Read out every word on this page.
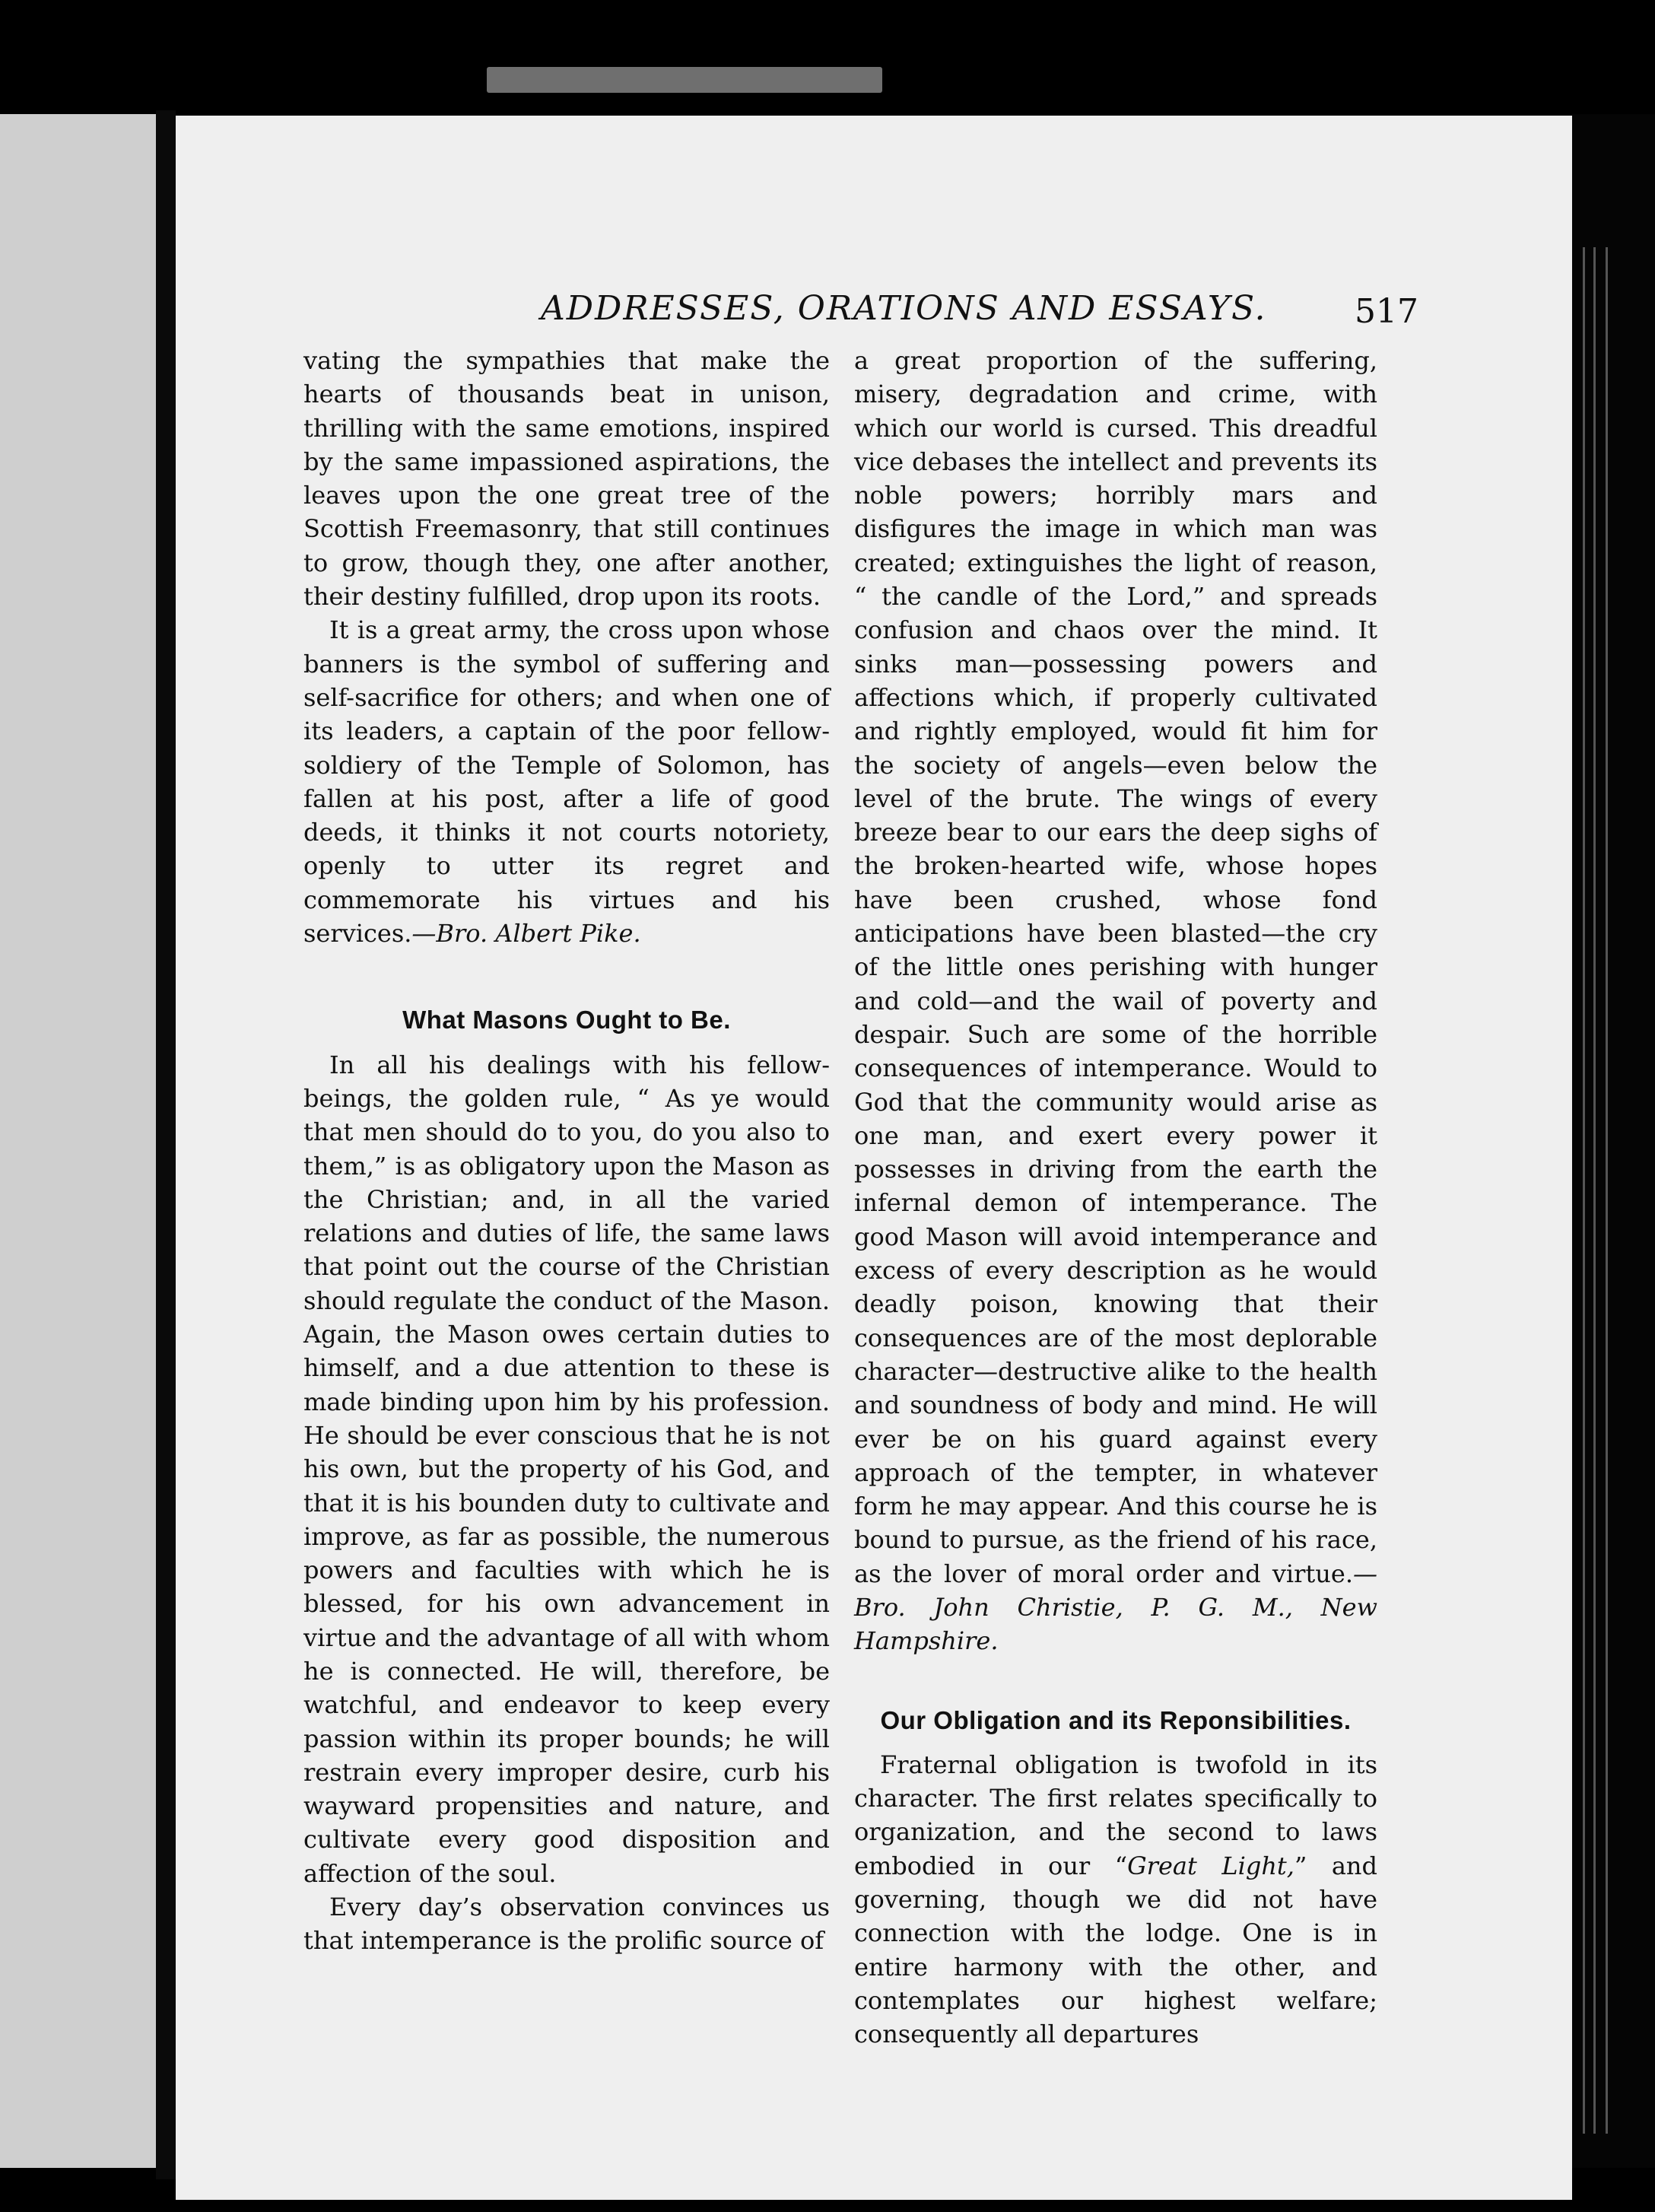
ADDRESSES, ORATIONS AND ESSAYS.	517

vating the sympathies that make the hearts of thousands beat in unison, thrilling with the same emotions, inspired by the same impassioned aspirations, the leaves upon the one great tree of the Scottish Freemasonry, that still continues to grow, though they, one after another, their destiny fulfilled, drop upon its roots.

It is a great army, the cross upon whose banners is the symbol of suffering and self-sacrifice for others; and when one of its leaders, a captain of the poor fellow-soldiery of the Temple of Solomon, has fallen at his post, after a life of good deeds, it thinks it not courts notoriety, openly to utter its regret and commemorate his virtues and his services.—Bro. Albert Pike.

What Masons Ought to Be.

In all his dealings with his fellow-beings, the golden rule, “ As ye would that men should do to you, do you also to them,” is as obligatory upon the Mason as the Christian; and, in all the varied relations and duties of life, the same laws that point out the course of the Christian should regulate the conduct of the Mason. Again, the Mason owes certain duties to himself, and a due attention to these is made binding upon him by his profession. He should be ever conscious that he is not his own, but the property of his God, and that it is his bounden duty to cultivate and improve, as far as possible, the numerous powers and faculties with which he is blessed, for his own advancement in virtue and the advantage of all with whom he is connected. He will, therefore, be watchful, and endeavor to keep every passion within its proper bounds; he will restrain every improper desire, curb his wayward propensities and nature, and cultivate every good disposition and affection of the soul.

Every day’s observation convinces us that intemperance is the prolific source of

a great proportion of the suffering, misery, degradation and crime, with which our world is cursed. This dreadful vice debases the intellect and prevents its noble powers; horribly mars and disfigures the image in which man was created; extinguishes the light of reason, “ the candle of the Lord,” and spreads confusion and chaos over the mind. It sinks man—possessing powers and affections which, if properly cultivated and rightly employed, would fit him for the society of angels—even below the level of the brute. The wings of every breeze bear to our ears the deep sighs of the broken-hearted wife, whose hopes have been crushed, whose fond anticipations have been blasted—the cry of the little ones perishing with hunger and cold—and the wail of poverty and despair. Such are some of the horrible consequences of intemperance. Would to God that the community would arise as one man, and exert every power it possesses in driving from the earth the infernal demon of intemperance. The good Mason will avoid intemperance and excess of every description as he would deadly poison, knowing that their consequences are of the most deplorable character—destructive alike to the health and soundness of body and mind. He will ever be on his guard against every approach of the tempter, in whatever form he may appear. And this course he is bound to pursue, as the friend of his race, as the lover of moral order and virtue.—Bro. John Christie, P. G. M., New Hampshire.

Our Obligation and its Reponsibilities.

Fraternal obligation is twofold in its character. The first relates specifically to organization, and the second to laws embodied in our “Great Light,” and governing, though we did not have connection with the lodge. One is in entire harmony with the other, and contemplates our highest welfare; consequently all departures
